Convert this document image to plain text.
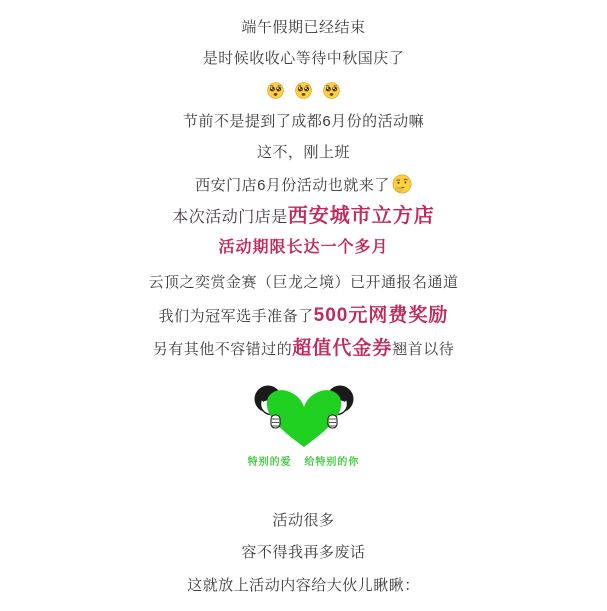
端午假期已经结束
是时候收收心等待中秋国庆了

节前不是提到了成都6月份的活动嘛
这不，刚上班
西安门店6月份活动也就来了
本次活动门店是西安城市立方店
活动期限长达一个多月
云顶之奕赏金赛（巨龙之境）已开通报名通道
我们为冠军选手准备了500元网费奖励
另有其他不容错过的超值代金券翘首以待
特别的爱 给特别的你
活动很多
容不得我再多废话
这就放上活动内容给大伙儿瞅瞅：
